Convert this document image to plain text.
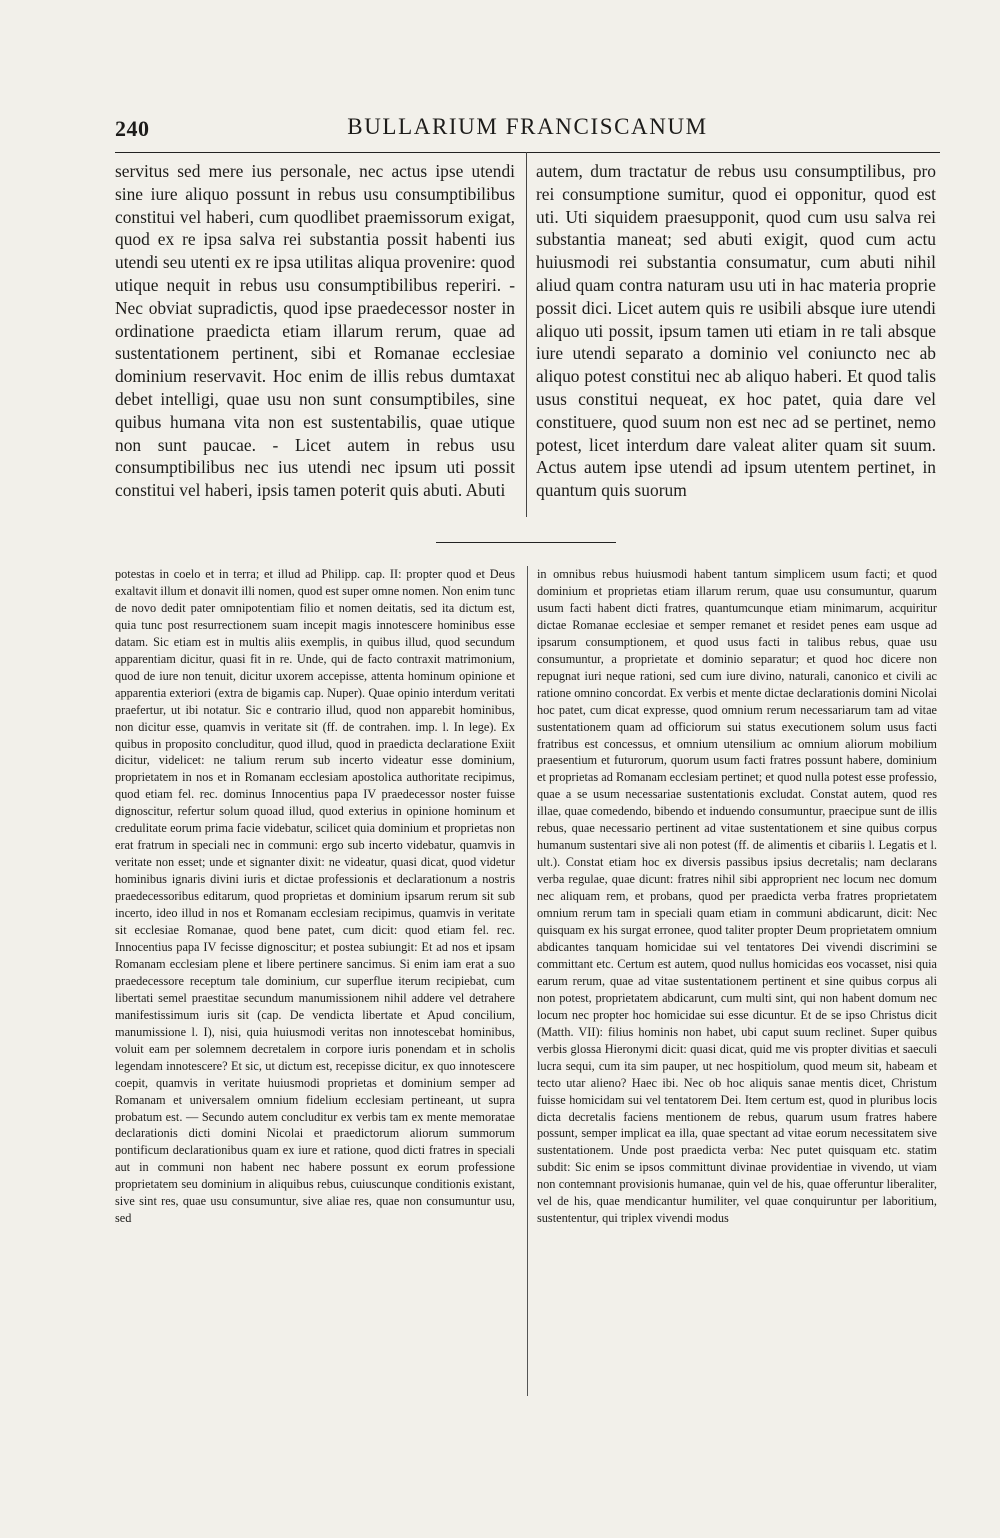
BULLARIUM FRANCISCANUM
240

servitus sed mere ius personale, nec actus ipse utendi sine iure aliquo possunt in rebus usu consumptibilibus constitui vel haberi, cum quodlibet praemissorum exigat, quod ex re ipsa salva rei substantia possit habenti ius utendi seu utenti ex re ipsa utilitas aliqua provenire: quod utique nequit in rebus usu consumptibilibus reperiri. - Nec obviat supradictis, quod ipse praedecessor noster in ordinatione praedicta etiam illarum rerum, quae ad sustentationem pertinent, sibi et Romanae ecclesiae dominium reservavit. Hoc enim de illis rebus dumtaxat debet intelligi, quae usu non sunt consumptibiles, sine quibus humana vita non est sustentabilis, quae utique non sunt paucae. - Licet autem in rebus usu consumptibilibus nec ius utendi nec ipsum uti possit constitui vel haberi, ipsis tamen poterit quis abuti. Abuti

autem, dum tractatur de rebus usu consumptilibus, pro rei consumptione sumitur, quod ei opponitur, quod est uti. Uti siquidem praesupponit, quod cum usu salva rei substantia maneat; sed abuti exigit, quod cum actu huiusmodi rei substantia consumatur, cum abuti nihil aliud quam contra naturam usu uti in hac materia proprie possit dici. Licet autem quis re usibili absque iure utendi aliquo uti possit, ipsum tamen uti etiam in re tali absque iure utendi separato a dominio vel coniuncto nec ab aliquo potest constitui nec ab aliquo haberi. Et quod talis usus constitui nequeat, ex hoc patet, quia dare vel constituere, quod suum non est nec ad se pertinet, nemo potest, licet interdum dare valeat aliter quam sit suum. Actus autem ipse utendi ad ipsum utentem pertinet, in quantum quis suorum

potestas in coelo et in terra; et illud ad Philipp. cap. II: propter quod et Deus exaltavit illum et donavit illi nomen, quod est super omne nomen. Non enim tunc de novo dedit pater omnipotentiam filio et nomen deitatis, sed ita dictum est, quia tunc post resurrectionem suam incepit magis innotescere hominibus esse datam. Sic etiam est in multis aliis exemplis, in quibus illud, quod secundum apparentiam dicitur, quasi fit in re. Unde, qui de facto contraxit matrimonium, quod de iure non tenuit, dicitur uxorem accepisse, attenta hominum opinione et apparentia exteriori (extra de bigamis cap. Nuper). Quae opinio interdum veritati praefertur, ut ibi notatur. Sic e contrario illud, quod non apparebit hominibus, non dicitur esse, quamvis in veritate sit (ff. de contrahen. imp. l. In lege). Ex quibus in proposito concluditur, quod illud, quod in praedicta declaratione Exiit dicitur, videlicet: ne talium rerum sub incerto videatur esse dominium, proprietatem in nos et in Romanam ecclesiam apostolica authoritate recipimus, quod etiam fel. rec. dominus Innocentius papa IV praedecessor noster fuisse dignoscitur, refertur solum quoad illud, quod exterius in opinione hominum et credulitate eorum prima facie videbatur, scilicet quia dominium et proprietas non erat fratrum in speciali nec in communi: ergo sub incerto videbatur, quamvis in veritate non esset; unde et signanter dixit: ne videatur, quasi dicat, quod videtur hominibus ignaris divini iuris et dictae professionis et declarationum a nostris praedecessoribus editarum, quod proprietas et dominium ipsarum rerum sit sub incerto, ideo illud in nos et Romanam ecclesiam recipimus, quamvis in veritate sit ecclesiae Romanae, quod bene patet, cum dicit: quod etiam fel. rec. Innocentius papa IV fecisse dignoscitur; et postea subiungit: Et ad nos et ipsam Romanam ecclesiam plene et libere pertinere sancimus. Si enim iam erat a suo praedecessore receptum tale dominium, cur superflue iterum recipiebat, cum libertati semel praestitae secundum manumissionem nihil addere vel detrahere manifestissimum iuris sit (cap. De vendicta libertate et Apud concilium, manumissione l. I), nisi, quia huiusmodi veritas non innotescebat hominibus, voluit eam per solemnem decretalem in corpore iuris ponendam et in scholis legendam innotescere? Et sic, ut dictum est, recepisse dicitur, ex quo innotescere coepit, quamvis in veritate huiusmodi proprietas et dominium semper ad Romanam et universalem omnium fidelium ecclesiam pertineant, ut supra probatum est. — Secundo autem concluditur ex verbis tam ex mente memoratae declarationis dicti domini Nicolai et praedictorum aliorum summorum pontificum declarationibus quam ex iure et ratione, quod dicti fratres in speciali aut in communi non habent nec habere possunt ex eorum professione proprietatem seu dominium in aliquibus rebus, cuiuscunque conditionis existant, sive sint res, quae usu consumuntur, sive aliae res, quae non consumuntur usu, sed

in omnibus rebus huiusmodi habent tantum simplicem usum facti; et quod dominium et proprietas etiam illarum rerum, quae usu consumuntur, quarum usum facti habent dicti fratres, quantumcunque etiam minimarum, acquiritur dictae Romanae ecclesiae et semper remanet et residet penes eam usque ad ipsarum consumptionem, et quod usus facti in talibus rebus, quae usu consumuntur, a proprietate et dominio separatur; et quod hoc dicere non repugnat iuri neque rationi, sed cum iure divino, naturali, canonico et civili ac ratione omnino concordat. Ex verbis et mente dictae declarationis domini Nicolai hoc patet, cum dicat expresse, quod omnium rerum necessariarum tam ad vitae sustentationem quam ad officiorum sui status executionem solum usus facti fratribus est concessus, et omnium utensilium ac omnium aliorum mobilium praesentium et futurorum, quorum usum facti fratres possunt habere, dominium et proprietas ad Romanam ecclesiam pertinet; et quod nulla potest esse professio, quae a se usum necessariae sustentationis excludat. Constat autem, quod res illae, quae comedendo, bibendo et induendo consumuntur, praecipue sunt de illis rebus, quae necessario pertinent ad vitae sustentationem et sine quibus corpus humanum sustentari sive ali non potest (ff. de alimentis et cibariis l. Legatis et l. ult.). Constat etiam hoc ex diversis passibus ipsius decretalis; nam declarans verba regulae, quae dicunt: fratres nihil sibi approprient nec locum nec domum nec aliquam rem, et probans, quod per praedicta verba fratres proprietatem omnium rerum tam in speciali quam etiam in communi abdicarunt, dicit: Nec quisquam ex his surgat erronee, quod taliter propter Deum proprietatem omnium abdicantes tanquam homicidae sui vel tentatores Dei vivendi discrimini se committant etc. Certum est autem, quod nullus homicidas eos vocasset, nisi quia earum rerum, quae ad vitae sustentationem pertinent et sine quibus corpus ali non potest, proprietatem abdicarunt, cum multi sint, qui non habent domum nec locum nec propter hoc homicidae sui esse dicuntur. Et de se ipso Christus dicit (Matth. VII): filius hominis non habet, ubi caput suum reclinet. Super quibus verbis glossa Hieronymi dicit: quasi dicat, quid me vis propter divitias et saeculi lucra sequi, cum ita sim pauper, ut nec hospitiolum, quod meum sit, habeam et tecto utar alieno? Haec ibi. Nec ob hoc aliquis sanae mentis dicet, Christum fuisse homicidam sui vel tentatorem Dei. Item certum est, quod in pluribus locis dicta decretalis faciens mentionem de rebus, quarum usum fratres habere possunt, semper implicat ea illa, quae spectant ad vitae eorum necessitatem sive sustentationem. Unde post praedicta verba: Nec putet quisquam etc. statim subdit: Sic enim se ipsos committunt divinae providentiae in vivendo, ut viam non contemnant provisionis humanae, quin vel de his, quae offeruntur liberaliter, vel de his, quae mendicantur humiliter, vel quae conquiruntur per laboritium, sustententur, qui triplex vivendi modus
